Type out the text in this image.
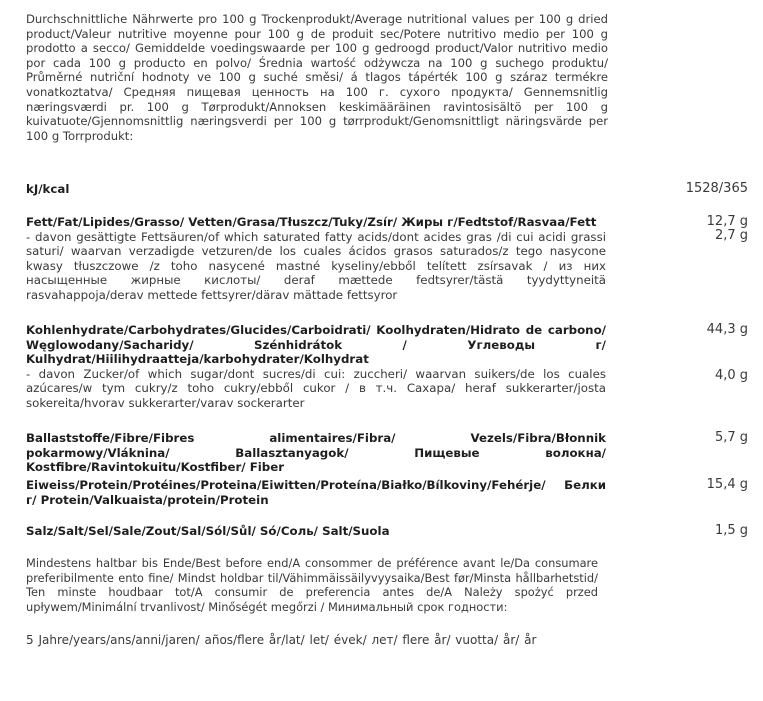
Durchschnittliche Nährwerte pro 100 g Trockenprodukt/Average nutritional values per 100 g dried product/Valeur nutritive moyenne pour 100 g de produit sec/Potere nutritivo medio per 100 g prodotto a secco/ Gemiddelde voedingswaarde per 100 g gedroogd product/Valor nutritivo medio por cada 100 g producto en polvo/ Średnia wartość odżywcza na 100 g suchego produktu/ Průměrné nutriční hodnoty ve 100 g suché směsi/ á tlagos tápérték 100 g száraz termékre vonatkoztatva/ Средняя пищевая ценность на 100 г. сухого продукта/ Gennemsnitlig næringsværdi pr. 100 g Tørprodukt/Annoksen keskimääräinen ravintosisältö per 100 g kuivatuote/Gjennomsnittlig næringsverdi per 100 g tørrprodukt/Genomsnittligt näringsvärde per 100 g Torrprodukt:
kJ/kcal	1528/365
Fett/Fat/Lipides/Grasso/ Vetten/Grasa/Tłuszcz/Tuky/Zsír/ Жиры г/Fedtstof/Rasvaa/Fett
- davon gesättigte Fettsäuren/of which saturated fatty acids/dont acides gras /di cui acidi grassi saturi/ waarvan verzadigde vetzuren/de los cuales ácidos grasos saturados/z tego nasycone kwasy tłuszczowe /z toho nasycené mastné kyseliny/ebből telített zsírsavak / из них насыщенные жирные кислоты/ deraf mættede fedtsyrer/tästä tyydyttyneitä rasvahappoja/derav mettede fettsyrer/därav mättade fettsyror
12,7 g
2,7 g
Kohlenhydrate/Carbohydrates/Glucides/Carboidrati/ Koolhydraten/Hidrato de carbono/ Węglowodany/Sacharidy/ Szénhidrátok / Углеводы г/ Kulhydrat/Hiilihydraatteja/karbohydrater/Kolhydrat
- davon Zucker/of which sugar/dont sucres/di cui: zuccheri/ waarvan suikers/de los cuales azúcares/w tym cukry/z toho cukry/ebből cukor / в т.ч. Сахара/ heraf sukkerarter/josta sokereita/hvorav sukkerarter/varav sockerarter
44,3 g
4,0 g
Ballaststoffe/Fibre/Fibres alimentaires/Fibra/ Vezels/Fibra/Błonnik pokarmowy/Vláknina/ Ballasztanyagok/ Пищевые волокна/ Kostfibre/Ravintokuitu/Kostfiber/ Fiber
5,7 g
Eiweiss/Protein/Protéines/Proteina/Eiwitten/Proteína/Białko/Bílkoviny/Fehérje/ Белки г/ Protein/Valkuaista/protein/Protein
15,4 g
Salz/Salt/Sel/Sale/Zout/Sal/Sól/Sůl/ Só/Соль/ Salt/Suola	1,5 g
Mindestens haltbar bis Ende/Best before end/A consommer de préférence avant le/Da consumare preferibilmente ento fine/ Mindst holdbar til/Vähimmäissäilyvyysaika/Best før/Minsta hållbarhetstid/ Ten minste houdbaar tot/A consumir de preferencia antes de/A Należy spożyć przed upływem/Minimální trvanlivost/ Minőségét megőrzi / Минимальный срок годности:
5 Jahre/years/ans/anni/jaren/ años/flere år/lat/ let/ évek/ лет/ flere år/ vuotta/ år/ år
